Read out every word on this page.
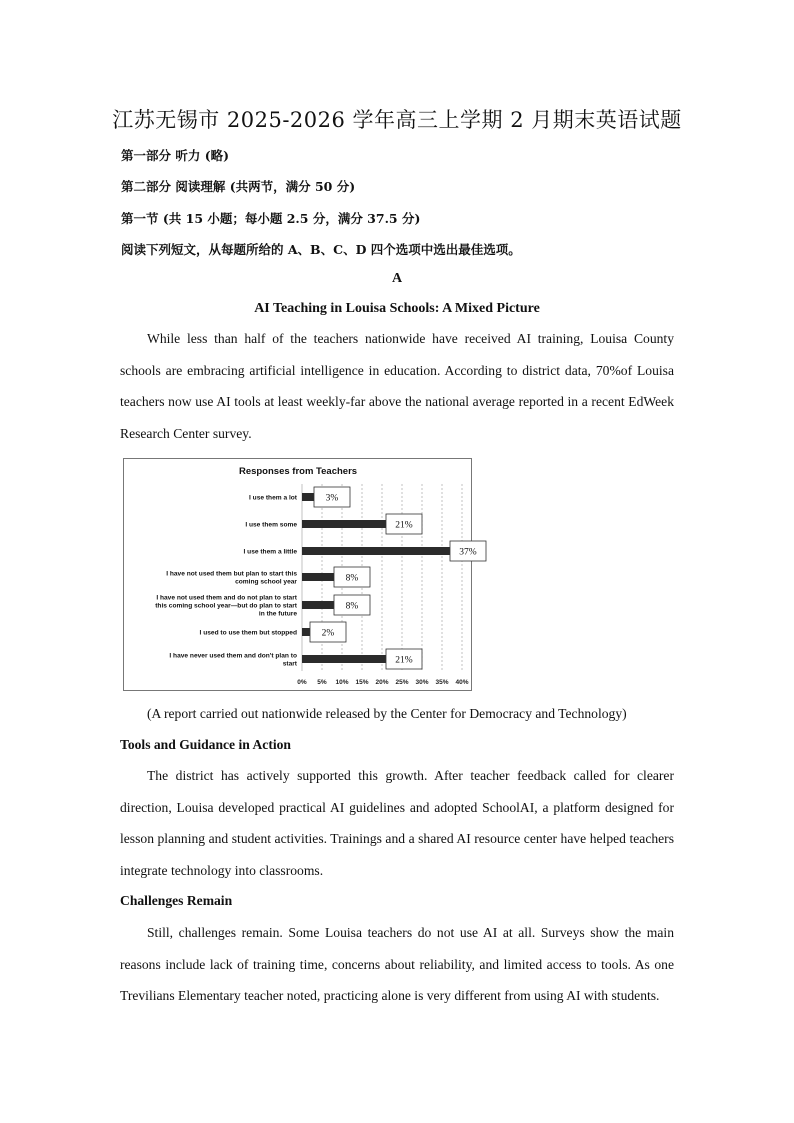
江苏无锡市 2025-2026 学年高三上学期 2 月期末英语试题
第一部分 听力 (略)
第二部分 阅读理解 (共两节，满分 50 分)
第一节 (共 15 小题；每小题 2.5 分，满分 37.5 分)
阅读下列短文，从每题所给的 A、B、C、D 四个选项中选出最佳选项。
A
AI Teaching in Louisa Schools: A Mixed Picture

While less than half of the teachers nationwide have received AI training, Louisa County schools are embracing artificial intelligence in education. According to district data, 70%of Louisa teachers now use AI tools at least weekly-far above the national average reported in a recent EdWeek Research Center survey.

Responses from Teachers
0% 5% 10% 15% 20% 25% 30% 35% 40%
I use them a lot	3%
I use them some	21%
I use them a little	37%
I have not used them but plan to start this coming school year	8%
I have not used them and do not plan to start this coming school year—but do plan to start in the future
8%
I used to use them but stopped	2%
I have never used them and don't plan to start	21%
(A report carried out nationwide released by the Center for Democracy and Technology)
Tools and Guidance in Action

The district has actively supported this growth. After teacher feedback called for clearer direction, Louisa developed practical AI guidelines and adopted SchoolAI, a platform designed for lesson planning and student activities. Trainings and a shared AI resource center have helped teachers integrate technology into classrooms.

Challenges Remain

Still, challenges remain. Some Louisa teachers do not use AI at all. Surveys show the main reasons include lack of training time, concerns about reliability, and limited access to tools. As one Trevilians Elementary teacher noted, practicing alone is very different from using AI with students.
